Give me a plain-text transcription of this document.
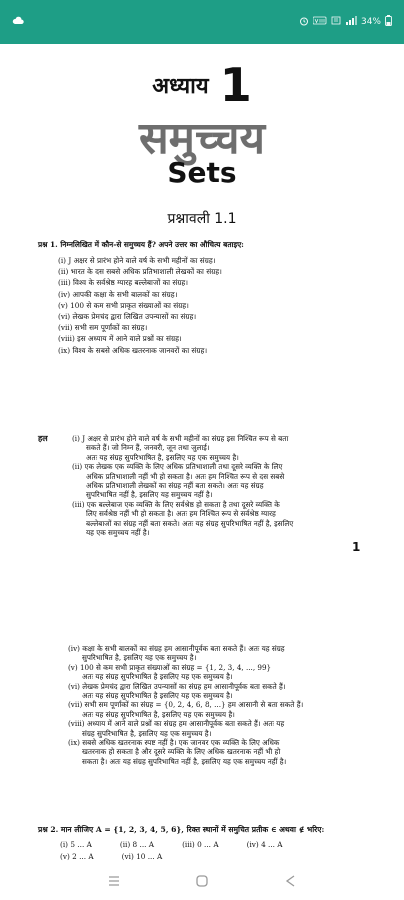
34%
अध्याय 1
समुच्चय
Sets
प्रश्नावली 1.1
प्रश्न 1. निम्नलिखित में कौन-से समुच्चय हैं? अपने उत्तर का औचित्य बताइए:
(i) J अक्षर से प्रारंभ होने वाले वर्ष के सभी महीनों का संग्रह।
(ii) भारत के दस सबसे अधिक प्रतिभाशाली लेखकों का संग्रह।
(iii) विश्व के सर्वश्रेष्ठ ग्यारह बल्लेबाजों का संग्रह।
(iv) आपकी कक्षा के सभी बालकों का संग्रह।
(v) 100 से कम सभी प्राकृत संख्याओं का संग्रह।
(vi) लेखक प्रेमचंद द्वारा लिखित उपन्यासों का संग्रह।
(vii) सभी सम पूर्णांकों का संग्रह।
(viii) इस अध्याय में आने वाले प्रश्नों का संग्रह।
(ix) विश्व के सबसे अधिक खतरनाक जानवरों का संग्रह।
हल	(i) J अक्षर से प्रारंभ होने वाले वर्ष के सभी महीनों का संग्रह इस निश्चित रूप से बता
सकते हैं। जो निम्न हैं, जनवरी, जून तथा जुलाई।
अतः यह संग्रह सुपरिभाषित है, इसलिए यह एक समुच्चय है।
(ii) एक लेखक एक व्यक्ति के लिए अधिक प्रतिभाशाली तथा दूसरे व्यक्ति के लिए
अधिक प्रतिभाशाली नहीं भी हो सकता है। अतः हम निश्चित रूप से दस सबसे
अधिक प्रतिभाशाली लेखकों का संग्रह नहीं बता सकते। अतः यह संग्रह
सुपरिभाषित नहीं है, इसलिए यह समुच्चय नहीं है।
(iii) एक बल्लेबाज एक व्यक्ति के लिए सर्वश्रेष्ठ हो सकता है तथा दूसरे व्यक्ति के
लिए सर्वश्रेष्ठ नहीं भी हो सकता है। अतः हम निश्चित रूप से सर्वश्रेष्ठ ग्यारह
बल्लेबाजों का संग्रह नहीं बता सकते। अतः यह संग्रह सुपरिभाषित नहीं है, इसलिए
यह एक समुच्चय नहीं है।
1
(iv) कक्षा के सभी बालकों का संग्रह हम आसानीपूर्वक बता सकते हैं। अतः यह संग्रह
सुपरिभाषित है, इसलिए यह एक समुच्चय है।
(v) 100 से कम सभी प्राकृत संख्याओं का संग्रह = {1, 2, 3, 4, ..., 99}
अतः यह संग्रह सुपरिभाषित है इसलिए यह एक समुच्चय है।
(vi) लेखक प्रेमचंद द्वारा लिखित उपन्यासों का संग्रह हम आसानीपूर्वक बता सकते हैं।
अतः यह संग्रह सुपरिभाषित है इसलिए यह एक समुच्चय है।
(vii) सभी सम पूर्णांकों का संग्रह = {0, 2, 4, 6, 8, ...} हम आसानी से बता सकते हैं।
अतः यह संग्रह सुपरिभाषित है, इसलिए यह एक समुच्चय है।
(viii) अध्याय में आने वाले प्रश्नों का संग्रह हम आसानीपूर्वक बता सकते हैं। अतः यह
संग्रह सुपरिभाषित है, इसलिए यह एक समुच्चय है।
(ix) सबसे अधिक खतरनाक स्पष्ट नहीं है। एक जानवर एक व्यक्ति के लिए अधिक
खतरनाक हो सकता है और दूसरे व्यक्ति के लिए अधिक खतरनाक नहीं भी हो
सकता है। अतः यह संग्रह सुपरिभाषित नहीं है, इसलिए यह एक समुच्चय नहीं है।
प्रश्न 2. मान लीजिए A = {1, 2, 3, 4, 5, 6}, रिक्त स्थानों में समुचित प्रतीक ∈ अथवा ∉ भरिए:
(i) 5 ... A	(ii) 8 ... A	(iii) 0 ... A	(iv) 4 ... A
(v) 2 ... A	(vi) 10 ... A
